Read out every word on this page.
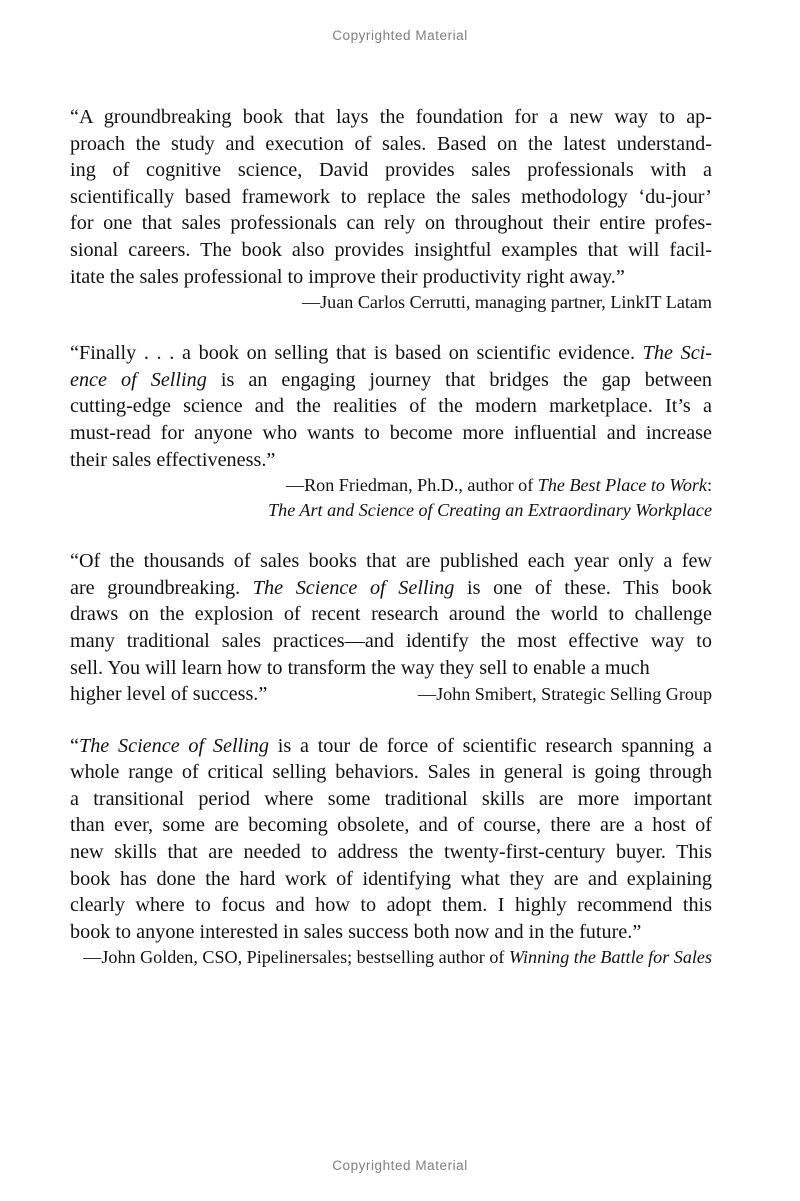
Copyrighted Material
“A groundbreaking book that lays the foundation for a new way to ap-
proach the study and execution of sales. Based on the latest understand-
ing of cognitive science, David provides sales professionals with a
scientifically based framework to replace the sales methodology ‘du-jour’
for one that sales professionals can rely on throughout their entire profes-
sional careers. The book also provides insightful examples that will facil-
itate the sales professional to improve their productivity right away.”
—Juan Carlos Cerrutti, managing partner, LinkIT Latam
“Finally . . . a book on selling that is based on scientific evidence. The Sci-
ence of Selling is an engaging journey that bridges the gap between
cutting-edge science and the realities of the modern marketplace. It’s a
must-read for anyone who wants to become more influential and increase
their sales effectiveness.”
—Ron Friedman, Ph.D., author of The Best Place to Work:
The Art and Science of Creating an Extraordinary Workplace
“Of the thousands of sales books that are published each year only a few
are groundbreaking. The Science of Selling is one of these. This book
draws on the explosion of recent research around the world to challenge
many traditional sales practices—and identify the most effective way to
sell. You will learn how to transform the way they sell to enable a much
higher level of success.”	—John Smibert, Strategic Selling Group
“The Science of Selling is a tour de force of scientific research spanning a
whole range of critical selling behaviors. Sales in general is going through
a transitional period where some traditional skills are more important
than ever, some are becoming obsolete, and of course, there are a host of
new skills that are needed to address the twenty-first-century buyer. This
book has done the hard work of identifying what they are and explaining
clearly where to focus and how to adopt them. I highly recommend this
book to anyone interested in sales success both now and in the future.”
—John Golden, CSO, Pipelinersales; bestselling author of Winning the Battle for Sales
Copyrighted Material
